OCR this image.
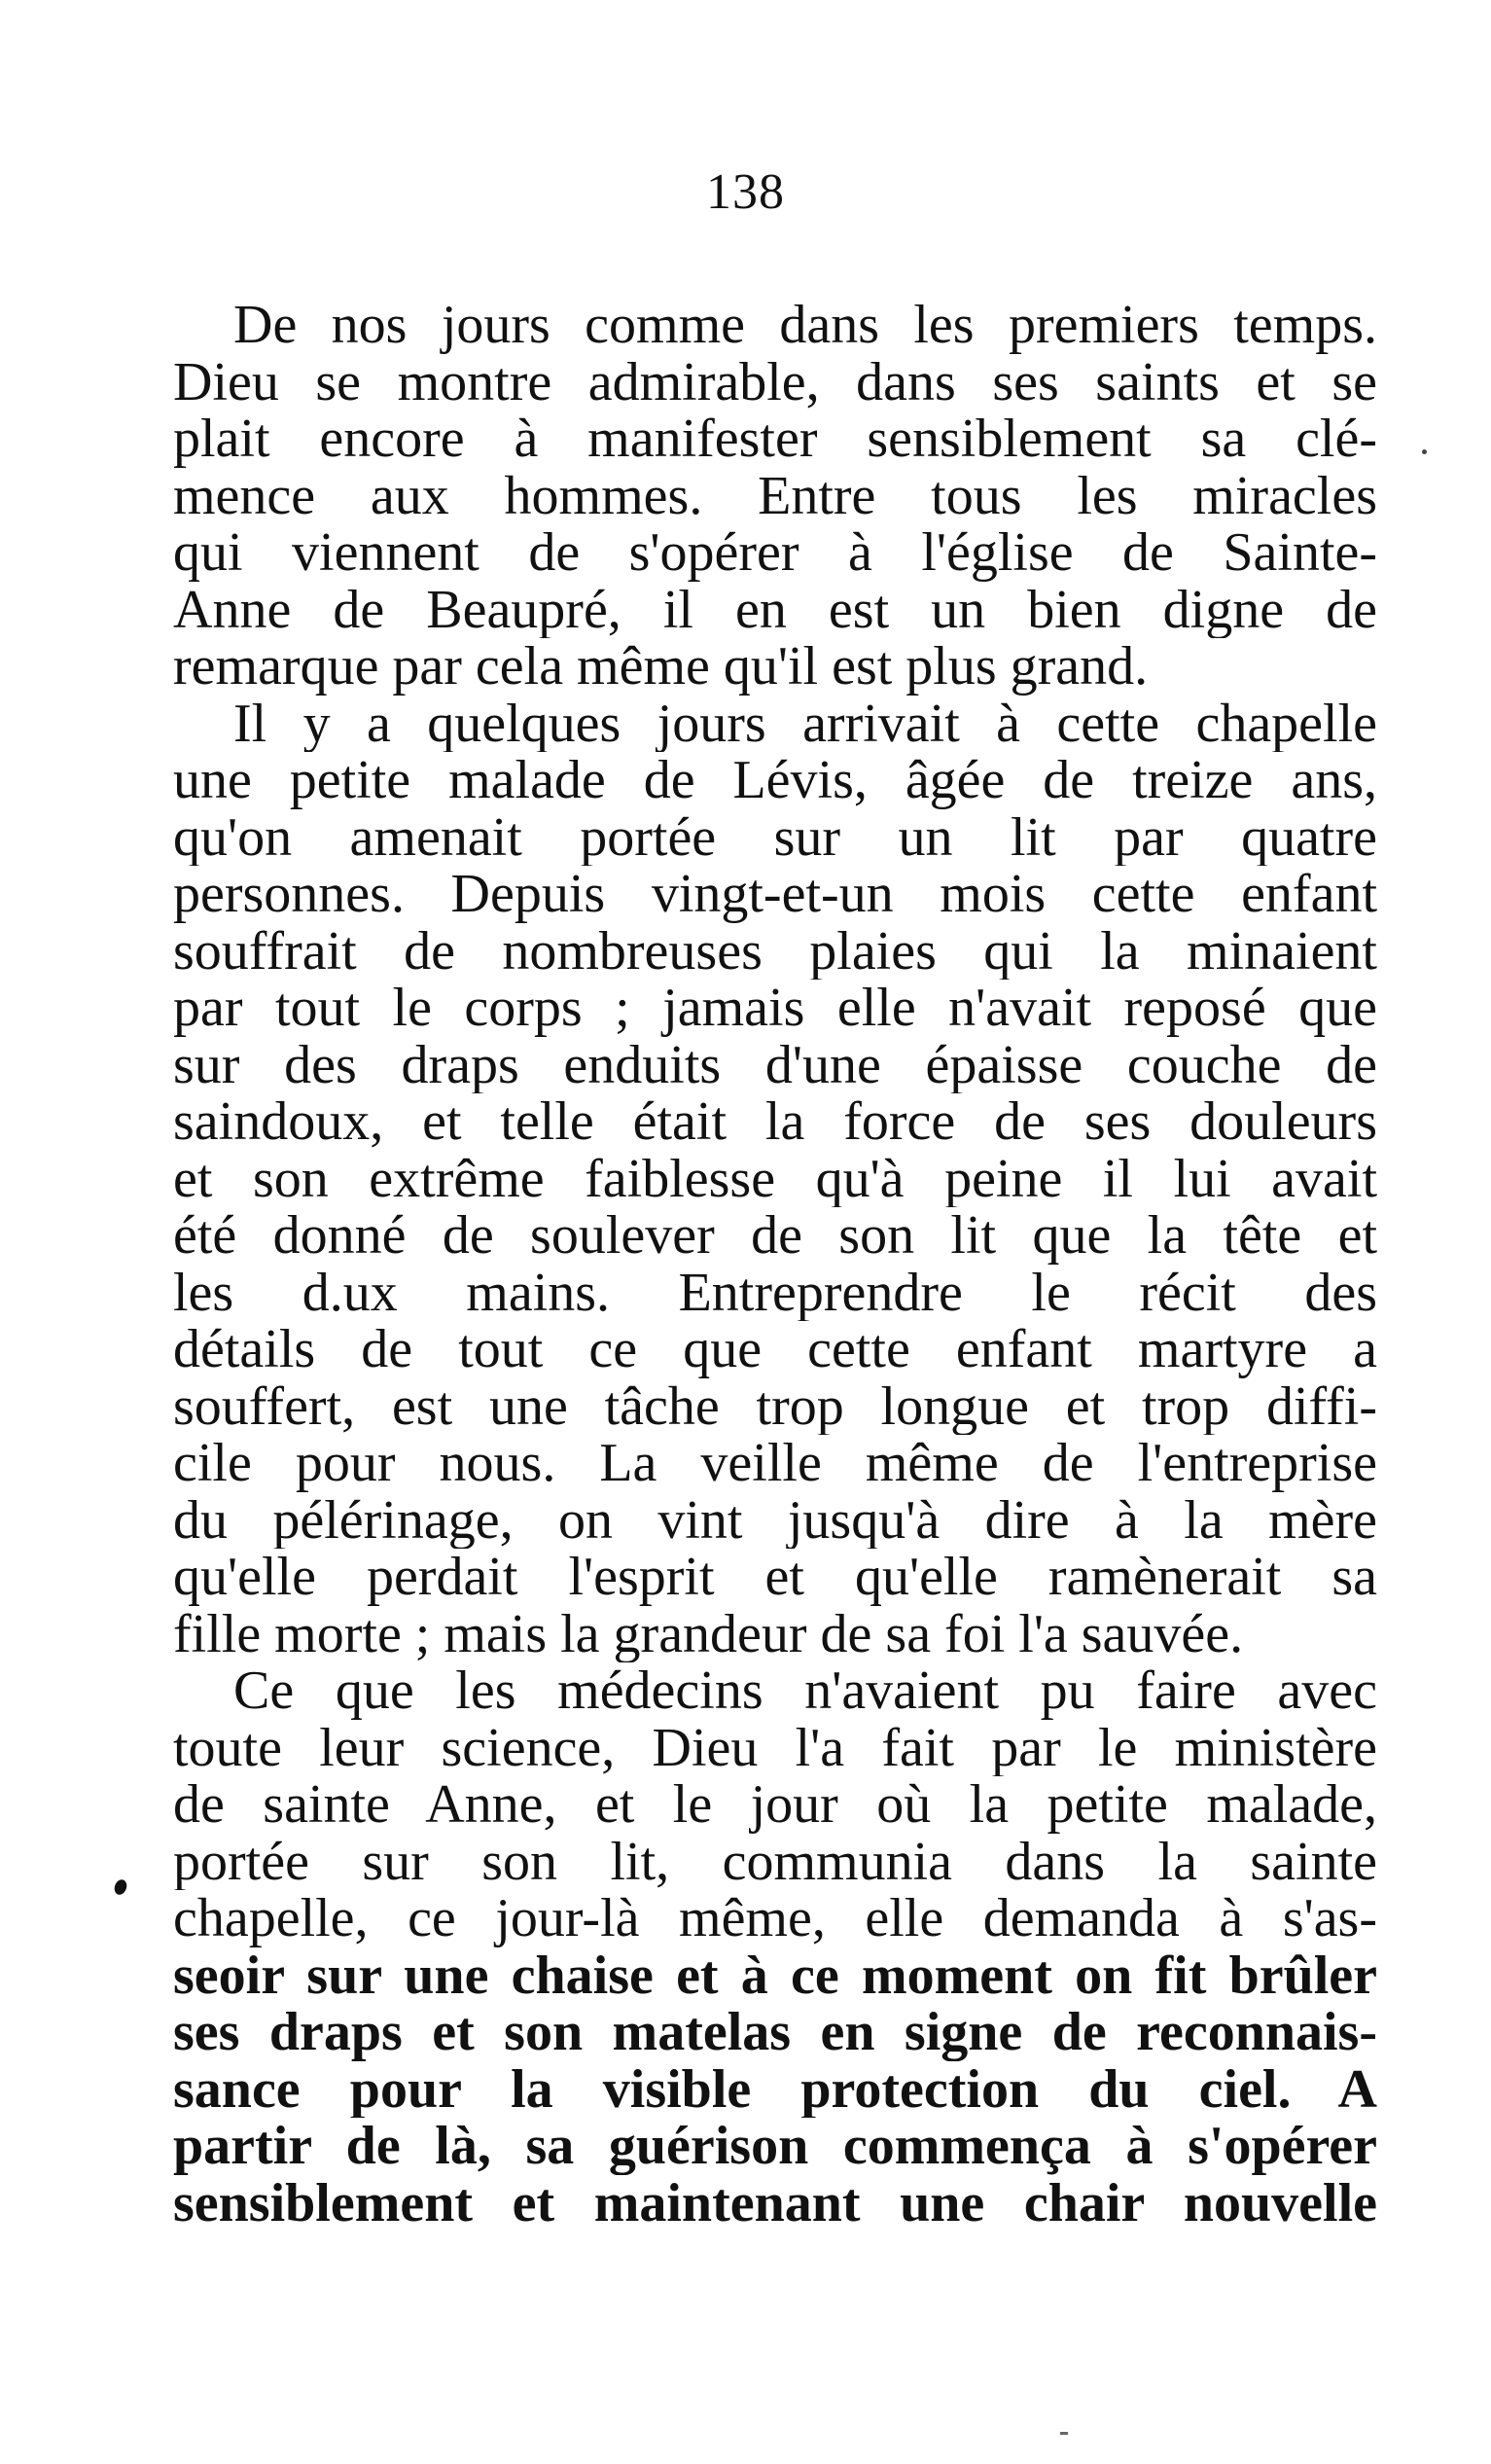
138
De nos jours comme dans les premiers temps.
Dieu se montre admirable, dans ses saints et se
plait encore à manifester sensiblement sa clé-
mence aux hommes. Entre tous les miracles
qui viennent de s'opérer à l'église de Sainte-
Anne de Beaupré, il en est un bien digne de
remarque par cela même qu'il est plus grand.
Il y a quelques jours arrivait à cette chapelle
une petite malade de Lévis, âgée de treize ans,
qu'on amenait portée sur un lit par quatre
personnes. Depuis vingt-et-un mois cette enfant
souffrait de nombreuses plaies qui la minaient
par tout le corps ; jamais elle n'avait reposé que
sur des draps enduits d'une épaisse couche de
saindoux, et telle était la force de ses douleurs
et son extrême faiblesse qu'à peine il lui avait
été donné de soulever de son lit que la tête et
les d.ux mains. Entreprendre le récit des
détails de tout ce que cette enfant martyre a
souffert, est une tâche trop longue et trop diffi-
cile pour nous. La veille même de l'entreprise
du pélérinage, on vint jusqu'à dire à la mère
qu'elle perdait l'esprit et qu'elle ramènerait sa
fille morte ; mais la grandeur de sa foi l'a sauvée.
Ce que les médecins n'avaient pu faire avec
toute leur science, Dieu l'a fait par le ministère
de sainte Anne, et le jour où la petite malade,
portée sur son lit, communia dans la sainte
chapelle, ce jour-là même, elle demanda à s'as-
seoir sur une chaise et à ce moment on fit brûler
ses draps et son matelas en signe de reconnais-
sance pour la visible protection du ciel. A
partir de là, sa guérison commença à s'opérer
sensiblement et maintenant une chair nouvelle
